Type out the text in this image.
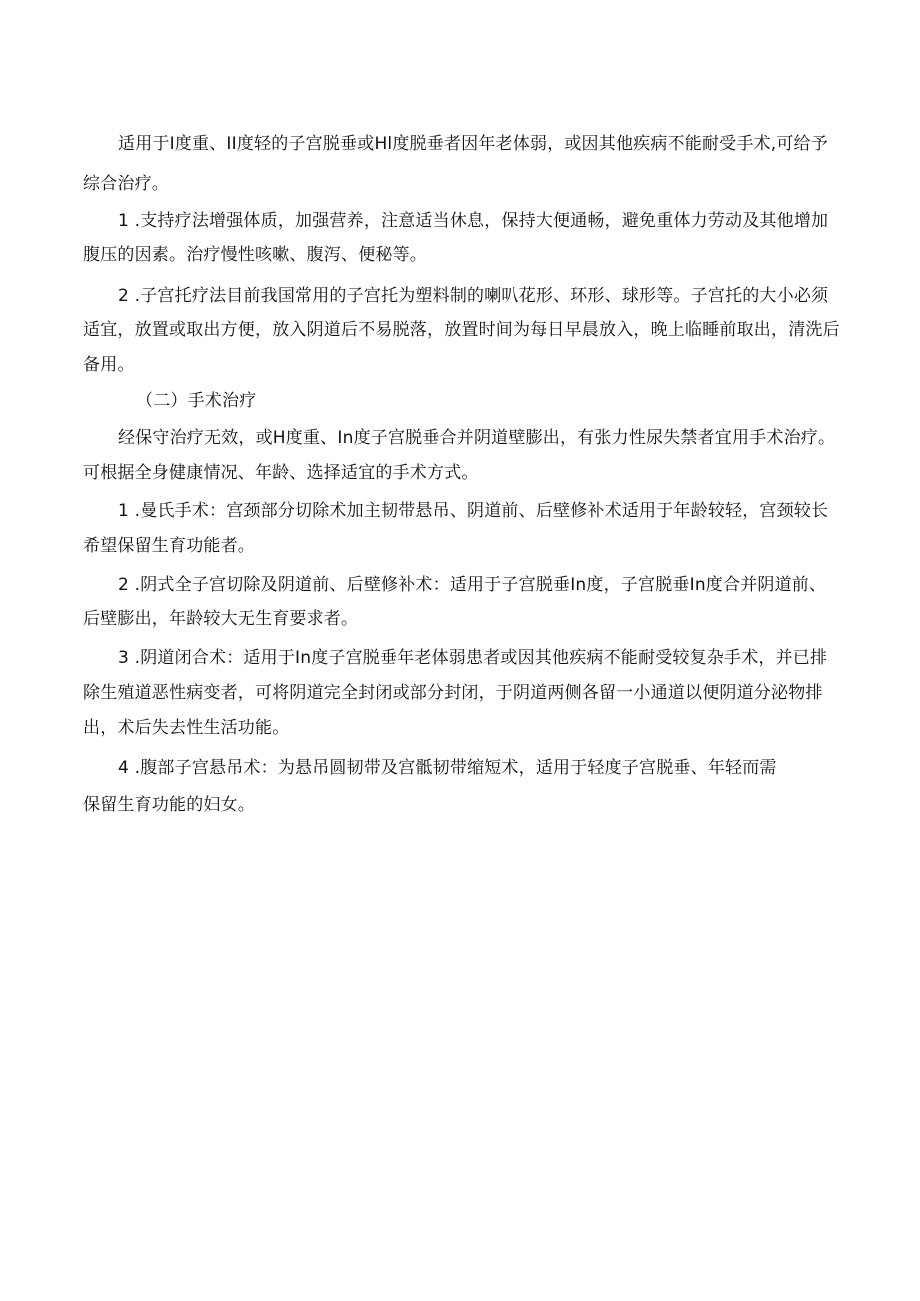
适用于I度重、II度轻的子宫脱垂或Hl度脱垂者因年老体弱，或因其他疾病不能耐受手术,可给予
综合治疗。
1 .支持疗法增强体质，加强营养，注意适当休息，保持大便通畅，避免重体力劳动及其他增加
腹压的因素。治疗慢性咳嗽、腹泻、便秘等。
2 .子宫托疗法目前我国常用的子宫托为塑料制的喇叭花形、环形、球形等。子宫托的大小必须
适宜，放置或取出方便，放入阴道后不易脱落，放置时间为每日早晨放入，晚上临睡前取出，清洗后
备用。
（二）手术治疗
经保守治疗无效，或H度重、In度子宫脱垂合并阴道壁膨出，有张力性尿失禁者宜用手术治疗。
可根据全身健康情况、年龄、选择适宜的手术方式。
1 .曼氏手术：宫颈部分切除术加主韧带悬吊、阴道前、后壁修补术适用于年龄较轻，宫颈较长
希望保留生育功能者。
2 .阴式全子宫切除及阴道前、后壁修补术：适用于子宫脱垂In度，子宫脱垂In度合并阴道前、
后壁膨出，年龄较大无生育要求者。
3 .阴道闭合术：适用于In度子宫脱垂年老体弱患者或因其他疾病不能耐受较复杂手术，并已排
除生殖道恶性病变者，可将阴道完全封闭或部分封闭，于阴道两侧各留一小通道以便阴道分泌物排
出，术后失去性生活功能。
4 .腹部子宫悬吊术：为悬吊圆韧带及宫骶韧带缩短术，适用于轻度子宫脱垂、年轻而需
保留生育功能的妇女。
